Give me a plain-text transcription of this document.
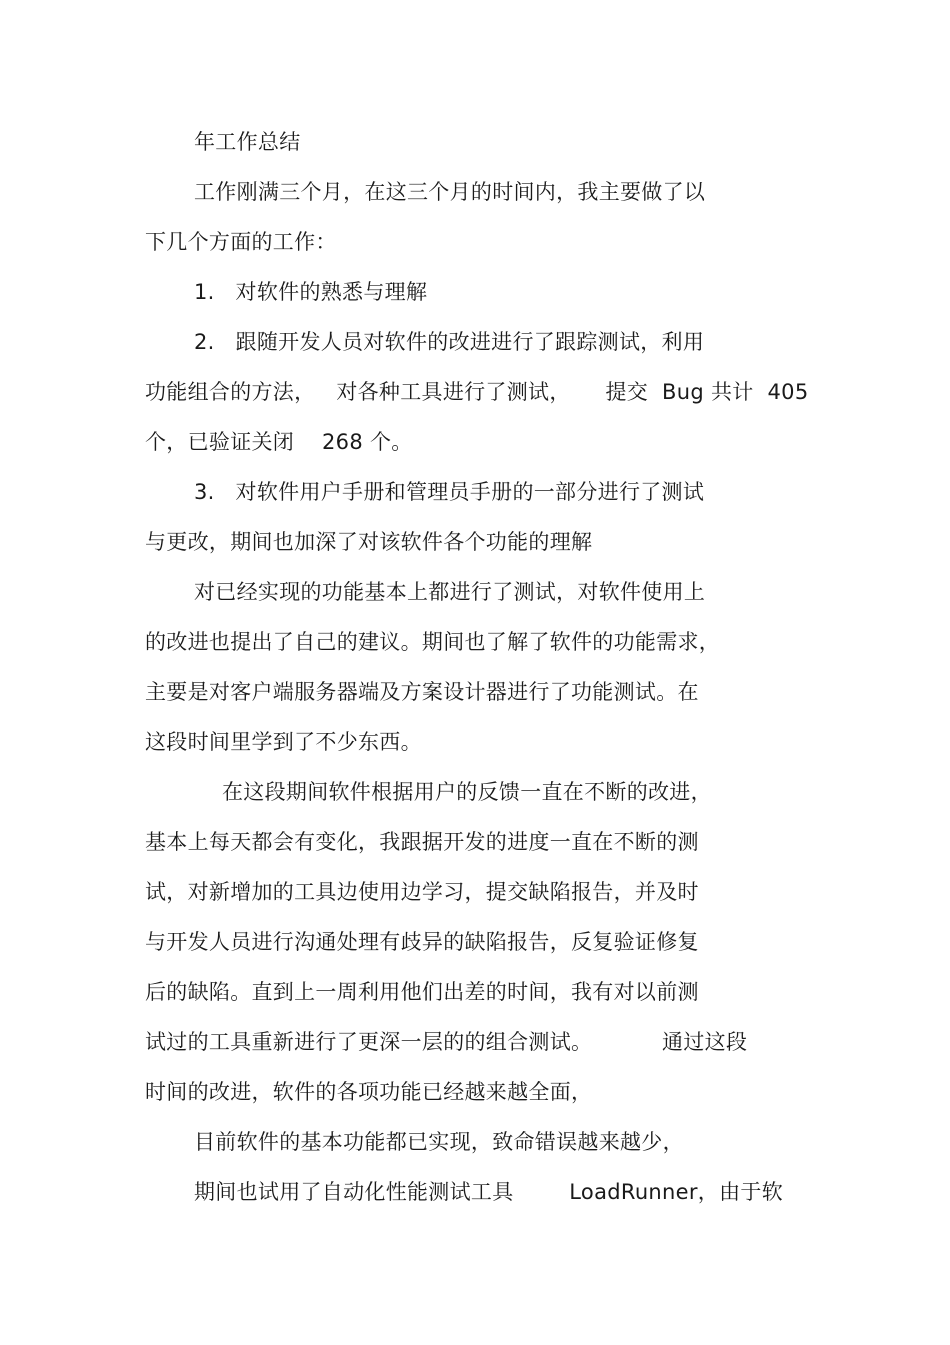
年工作总结
工作刚满三个月，在这三个月的时间内，我主要做了以
下几个方面的工作：
1.   对软件的熟悉与理解
2.   跟随开发人员对软件的改进进行了跟踪测试，利用
功能组合的方法，   对各种工具进行了测试，     提交  Bug 共计  405
个，已验证关闭    268 个。
3.   对软件用户手册和管理员手册的一部分进行了测试
与更改，期间也加深了对该软件各个功能的理解
对已经实现的功能基本上都进行了测试，对软件使用上
的改进也提出了自己的建议。期间也了解了软件的功能需求，
主要是对客户端服务器端及方案设计器进行了功能测试。在
这段时间里学到了不少东西。
在这段期间软件根据用户的反馈一直在不断的改进，
基本上每天都会有变化，我跟据开发的进度一直在不断的测
试，对新增加的工具边使用边学习，提交缺陷报告，并及时
与开发人员进行沟通处理有歧异的缺陷报告，反复验证修复
后的缺陷。直到上一周利用他们出差的时间，我有对以前测
试过的工具重新进行了更深一层的的组合测试。          通过这段
时间的改进，软件的各项功能已经越来越全面，
目前软件的基本功能都已实现，致命错误越来越少，
期间也试用了自动化性能测试工具        LoadRunner，由于软
